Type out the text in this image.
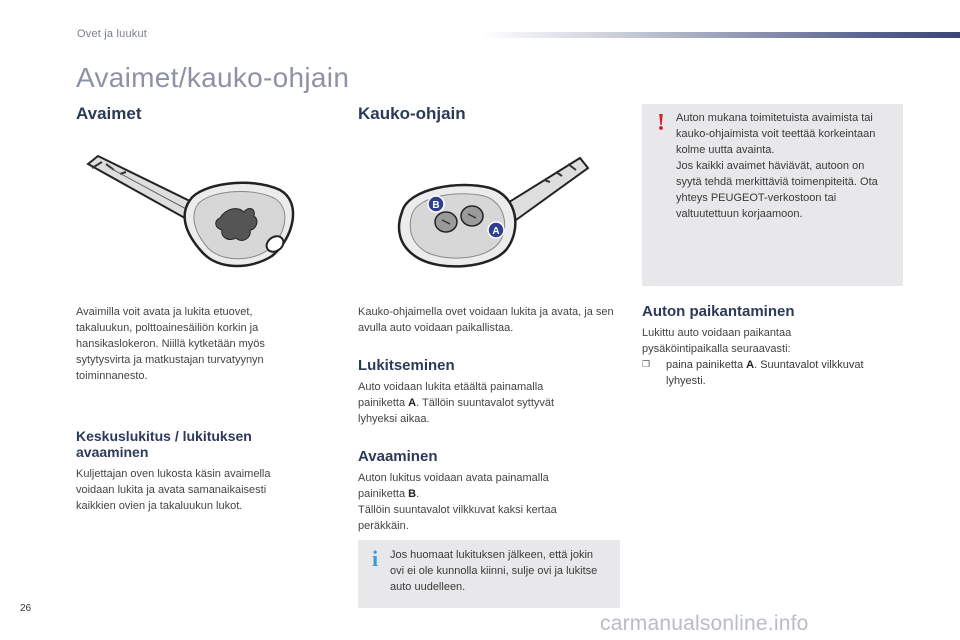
Ovet ja luukut
Avaimet/kauko-ohjain
Avaimet

Avaimilla voit avata ja lukita etuovet, takaluukun, polttoainesäiliön korkin ja hansikaslokeron. Niillä kytketään myös sytytysvirta ja matkustajan turvatyynyn toiminnanesto.

Keskuslukitus / lukituksen avaaminen

Kuljettajan oven lukosta käsin avaimella voidaan lukita ja avata samanaikaisesti kaikkien ovien ja takaluukun lukot.

Kauko-ohjain
B
A

Kauko-ohjaimella ovet voidaan lukita ja avata, ja sen avulla auto voidaan paikallistaa.

Lukitseminen

Auto voidaan lukita etäältä painamalla painiketta A. Tällöin suuntavalot syttyvät lyhyeksi aikaa.

Avaaminen

Auton lukitus voidaan avata painamalla painiketta B.
Tällöin suuntavalot vilkkuvat kaksi kertaa peräkkäin.

i Jos huomaat lukituksen jälkeen, että jokin ovi ei ole kunnolla kiinni, sulje ovi ja lukitse auto uudelleen.

! Auton mukana toimitetuista avaimista tai kauko-ohjaimista voit teettää korkeintaan kolme uutta avainta.
Jos kaikki avaimet häviävät, autoon on syytä tehdä merkittäviä toimenpiteitä. Ota yhteys PEUGEOT-verkostoon tai valtuutettuun korjaamoon.

Auton paikantaminen

Lukittu auto voidaan paikantaa pysäköintipaikalla seuraavasti:

❒	paina painiketta A. Suuntavalot vilkkuvat lyhyesti.
26
carmanualsonline.info
